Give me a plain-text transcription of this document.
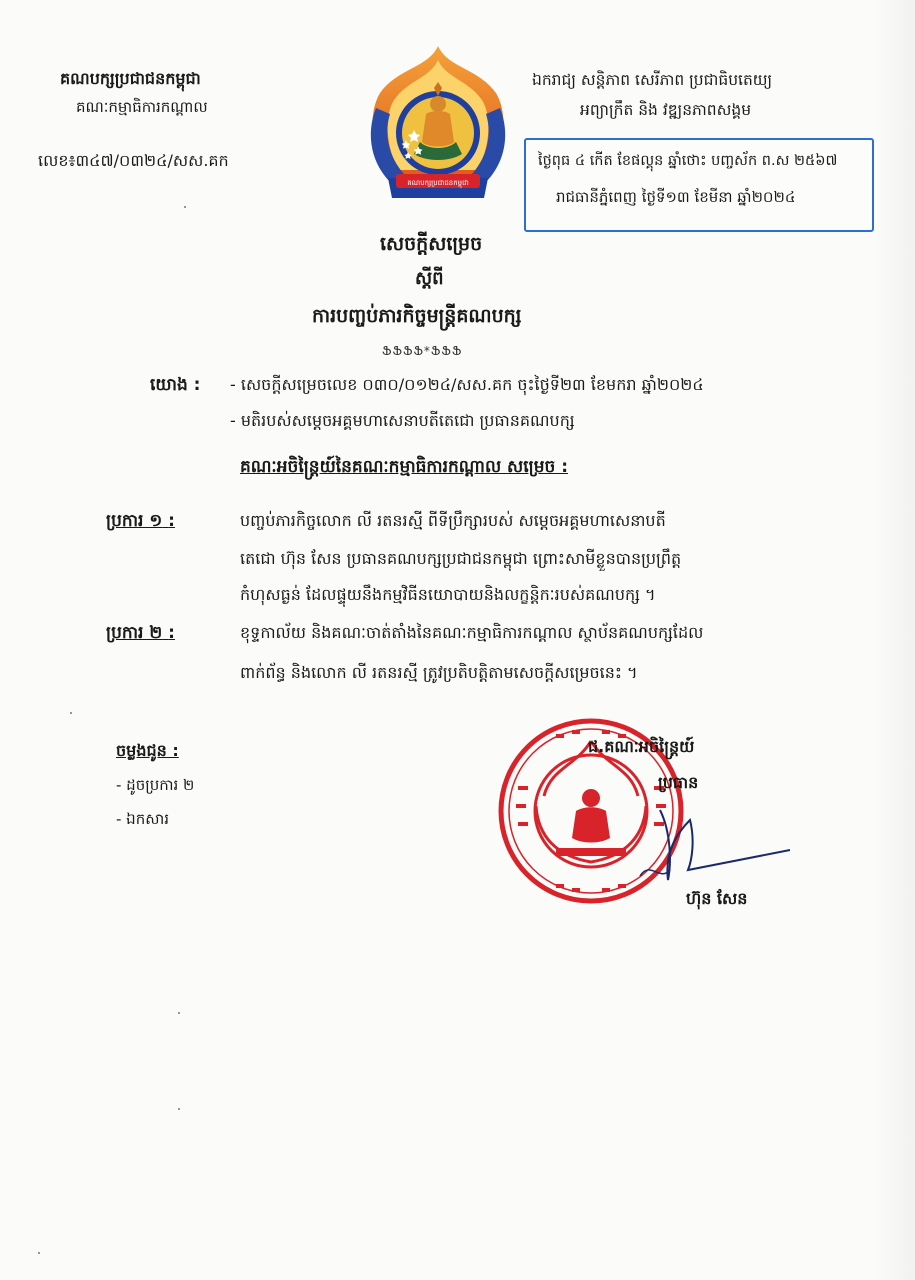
គណបក្សប្រជាជនកម្ពុជា
គណៈកម្មាធិការកណ្ដាល
លេខ៖៣៤៧/០៣២៤/សស.គក
គណបក្សប្រជាជនកម្ពុជា
ឯករាជ្យ សន្តិភាព សេរីភាព ប្រជាធិបតេយ្យ
អព្យាក្រឹត និង វឌ្ឍនភាពសង្គម
ថ្ងៃពុធ ៤ កើត ខែផល្គុន ឆ្នាំថោះ បញ្ចស័ក ព.ស ២៥៦៧
រាជធានីភ្នំពេញ ថ្ងៃទី១៣ ខែមីនា ឆ្នាំ២០២៤
សេចក្ដីសម្រេច
ស្ដីពី
ការបញ្ចប់ភារកិច្ចមន្ត្រីគណបក្ស
ՖՖՖՖ*ՖՖՖ
យោង : - សេចក្ដីសម្រេចលេខ ០៣០/០១២៤/សស.គក ចុះថ្ងៃទី២៣ ខែមករា ឆ្នាំ២០២៤
- មតិរបស់សម្ដេចអគ្គមហាសេនាបតីតេជោ ប្រធានគណបក្ស
គណៈអចិន្ត្រៃយ៍នៃគណៈកម្មាធិការកណ្ដាល សម្រេច :
ប្រការ ១ :	បញ្ចប់ភារកិច្ចលោក លី រតនរស្មី ពីទីប្រឹក្សារបស់ សម្ដេចអគ្គមហាសេនាបតី
តេជោ ហ៊ុន សែន ប្រធានគណបក្សប្រជាជនកម្ពុជា ព្រោះសាមីខ្លួនបានប្រព្រឹត្ត
កំហុសធ្ងន់ ដែលផ្ទុយនឹងកម្មវិធីនយោបាយនិងលក្ខន្តិកៈរបស់គណបក្ស ។
ប្រការ ២ :	ខុទ្ទកាល័យ និងគណៈចាត់តាំងនៃគណៈកម្មាធិការកណ្ដាល ស្ថាប័នគណបក្សដែល
ពាក់ព័ន្ធ និងលោក លី រតនរស្មី ត្រូវប្រតិបត្តិតាមសេចក្ដីសម្រេចនេះ ។
ចម្លងជូន :
- ដូចប្រការ ២
- ឯកសារ
ជ.គណៈអចិន្ត្រៃយ៍
ប្រធាន
ហ៊ុន សែន
